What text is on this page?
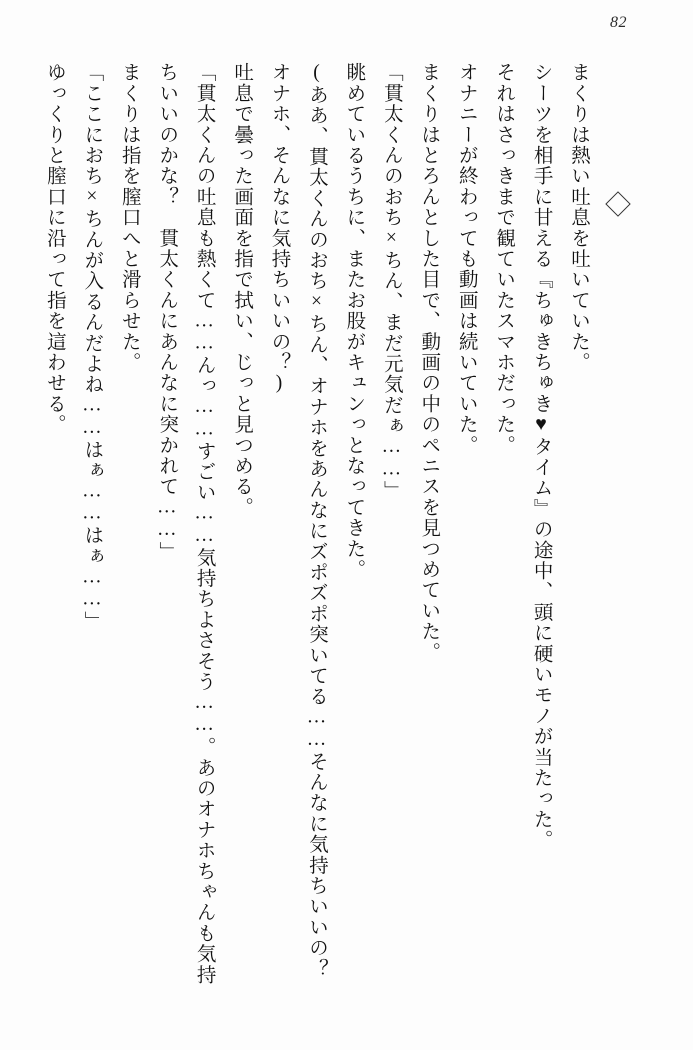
82

まくりは熱い吐息を吐いていた。

シーツを相手に甘える『ちゅきちゅき♥タイム』の途中、頭に硬いモノが当たった。

それはさっきまで観ていたスマホだった。

オナニーが終わっても動画は続いていた。

まくりはとろんとした目で、動画の中のペニスを見つめていた。

「貫太くんのおち×ちん、まだ元気だぁ……」

眺めているうちに、またお股がキュンっとなってきた。

(ああ、貫太くんのおち×ちん、オナホをあんなにズポズポ突いてる……そんなに気持ちいいの？　オナホ、そんなに気持ちいいの？)

吐息で曇った画面を指で拭い、じっと見つめる。

「貫太くんの吐息も熱くて……んっ……すごい……気持ちよさそう……。あのオナホちゃんも気持ちいいのかな？　貫太くんにあんなに突かれて……」

まくりは指を膣口へと滑らせた。

「ここにおち×ちんが入るんだよね……はぁ……はぁ……」

ゆっくりと膣口に沿って指を這わせる。
